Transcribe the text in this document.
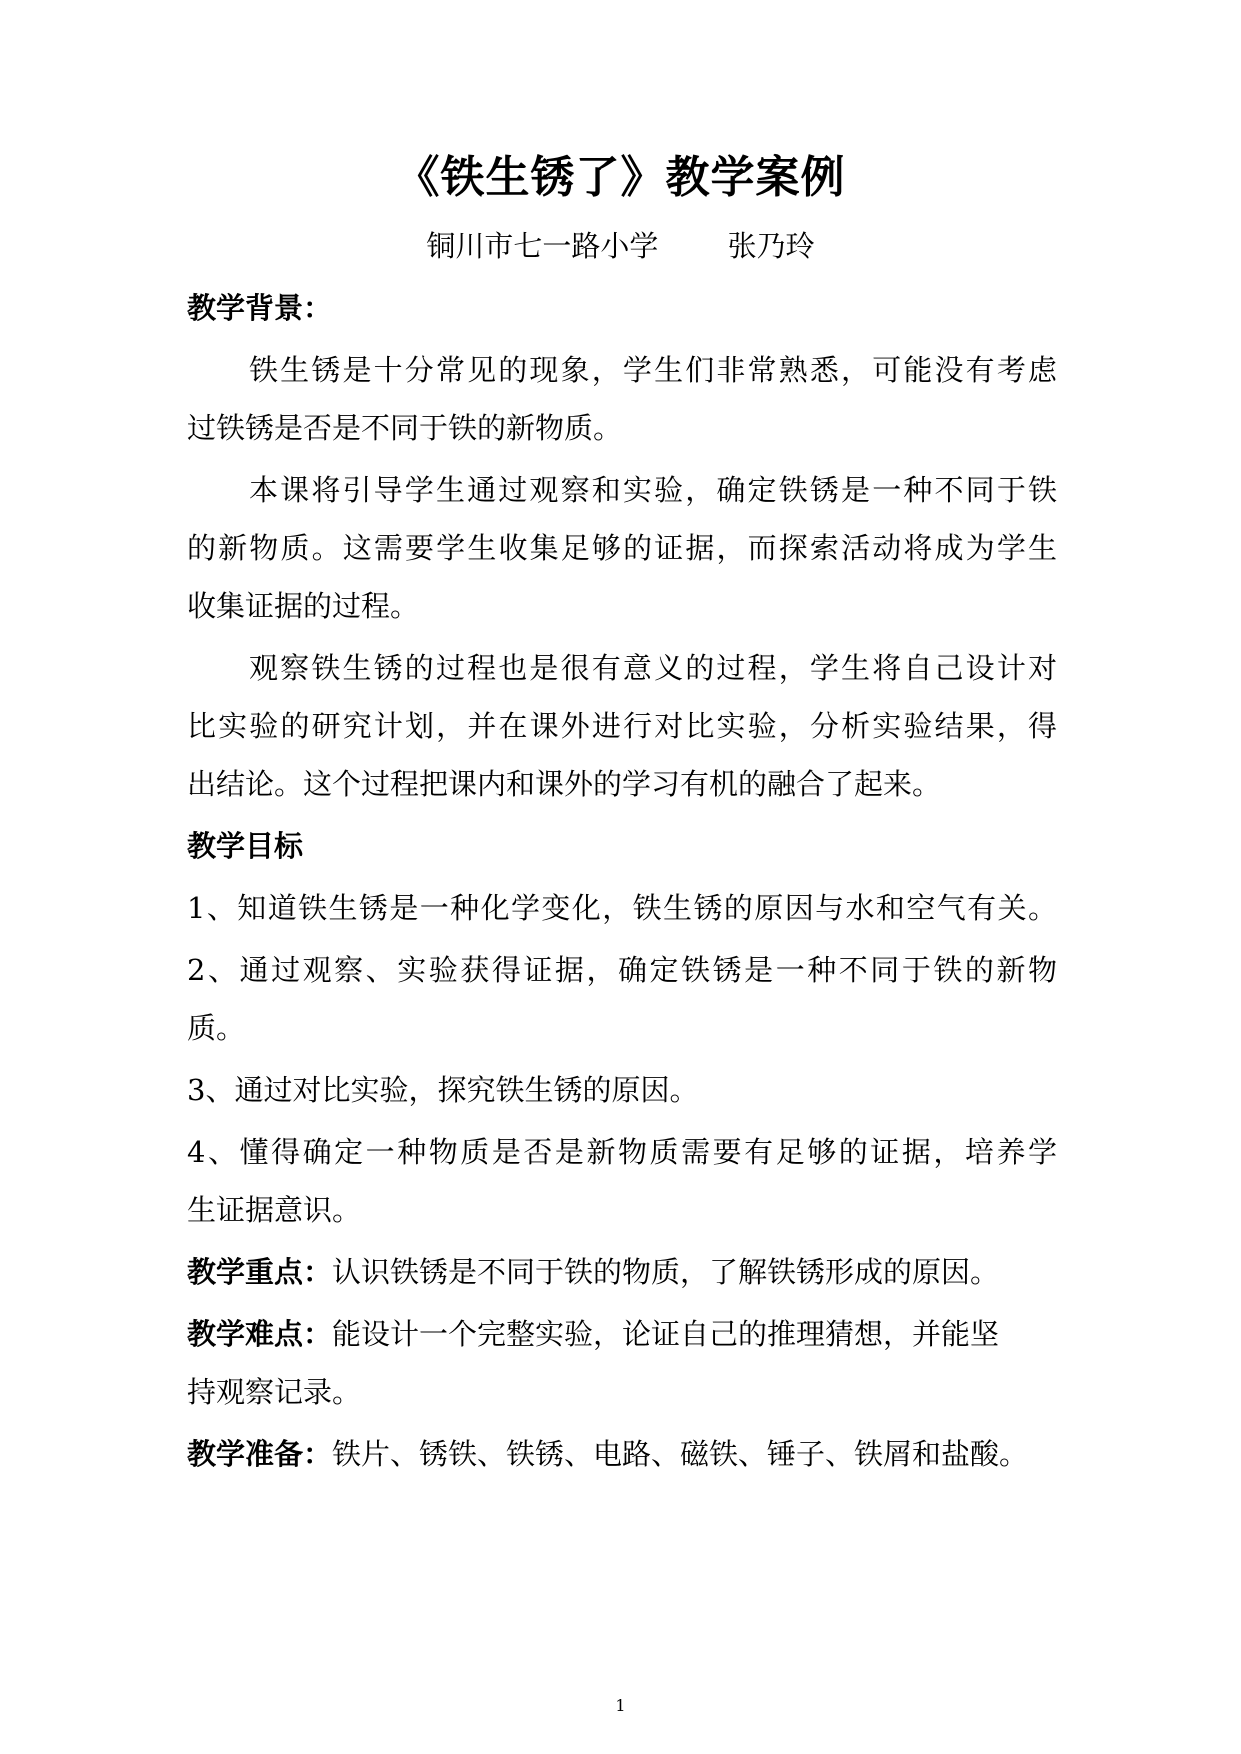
《铁生锈了》教学案例
铜川市七一路小学 张乃玲
教学背景：
铁生锈是十分常见的现象，学生们非常熟悉，可能没有考虑
过铁锈是否是不同于铁的新物质。
本课将引导学生通过观察和实验，确定铁锈是一种不同于铁
的新物质。这需要学生收集足够的证据，而探索活动将成为学生
收集证据的过程。
观察铁生锈的过程也是很有意义的过程，学生将自己设计对
比实验的研究计划，并在课外进行对比实验，分析实验结果，得
出结论。这个过程把课内和课外的学习有机的融合了起来。
教学目标
1、知道铁生锈是一种化学变化，铁生锈的原因与水和空气有关。
2、通过观察、实验获得证据，确定铁锈是一种不同于铁的新物
质。
3、通过对比实验，探究铁生锈的原因。
4、懂得确定一种物质是否是新物质需要有足够的证据，培养学
生证据意识。
教学重点：认识铁锈是不同于铁的物质，了解铁锈形成的原因。
教学难点：能设计一个完整实验，论证自己的推理猜想，并能坚
持观察记录。
教学准备：铁片、锈铁、铁锈、电路、磁铁、锤子、铁屑和盐酸。
1
